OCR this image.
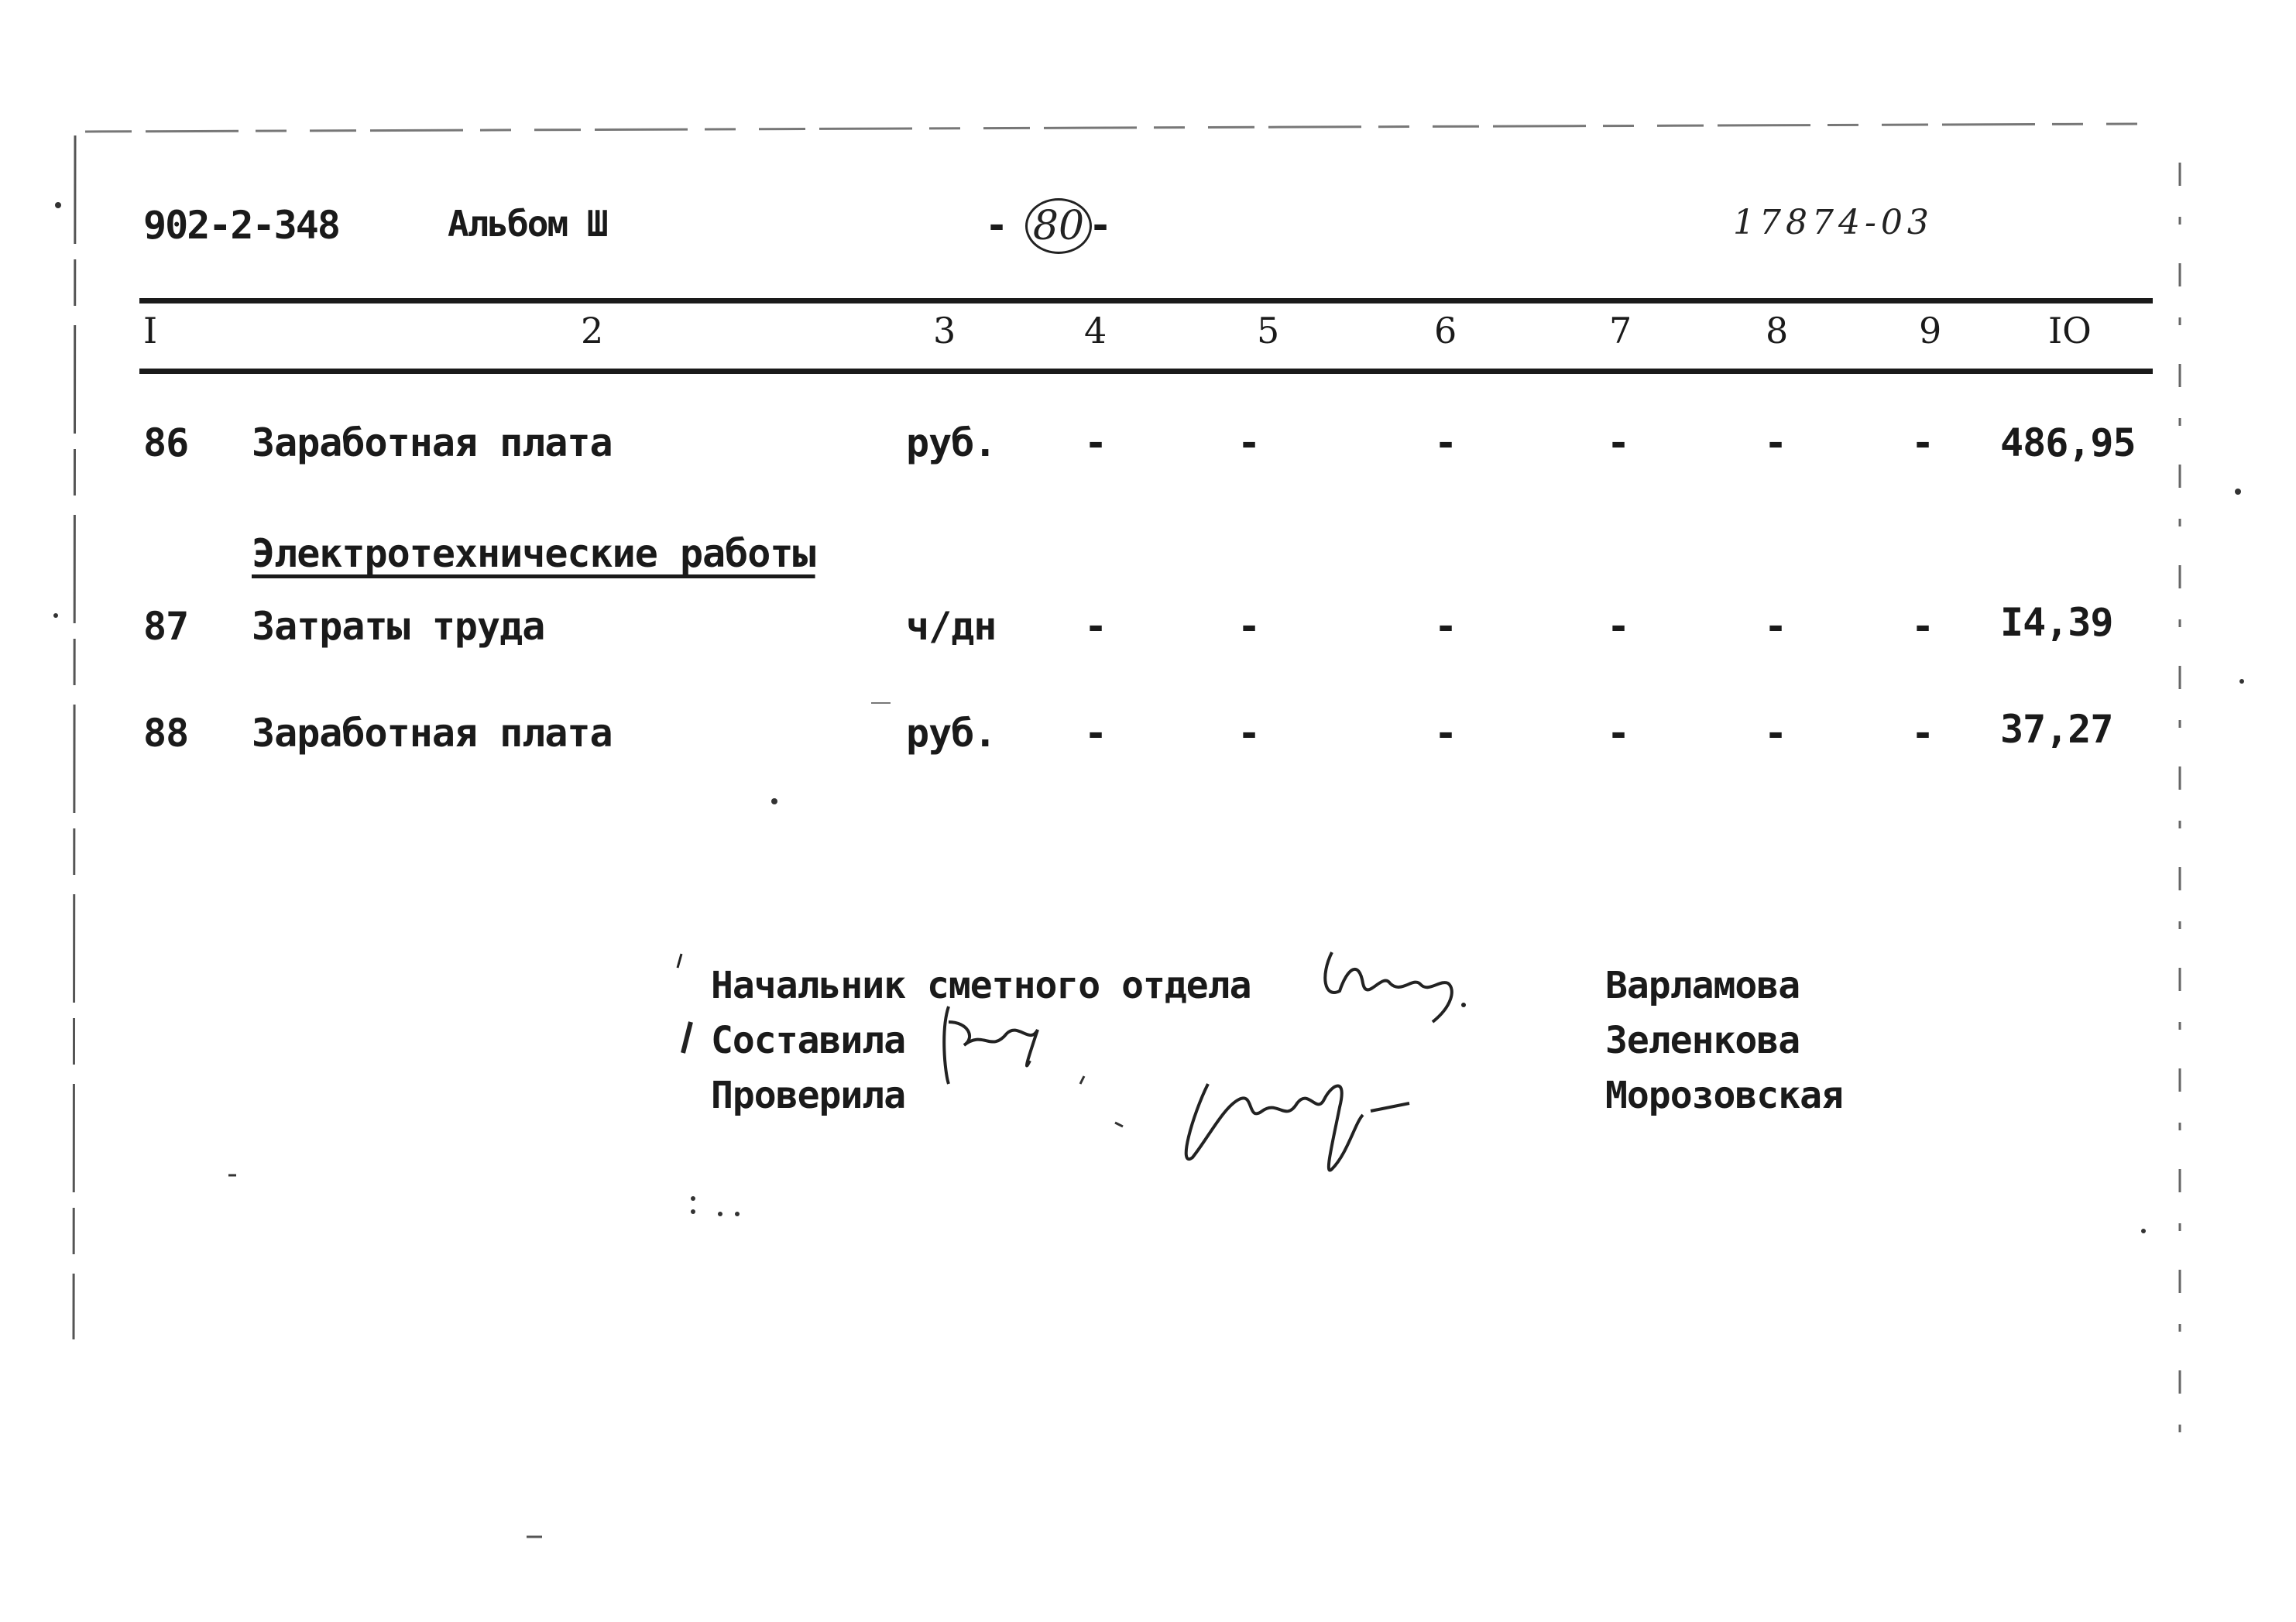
902-2-348	Альбом Ш	- 80 -	17874-03
I	2	3	4	5	6	7	8	9	IO
86 Заработная плата	руб. -	-	-	-	-	- 486,95
Электротехнические работы
87 Затраты труда	ч/дн -	-	-	-	-	- I4,39
88 Заработная плата	руб. -	-	-	-	-	- 37,27
Начальник сметного отдела	Варламова
Составила	Зеленкова
Проверила	Морозовская
